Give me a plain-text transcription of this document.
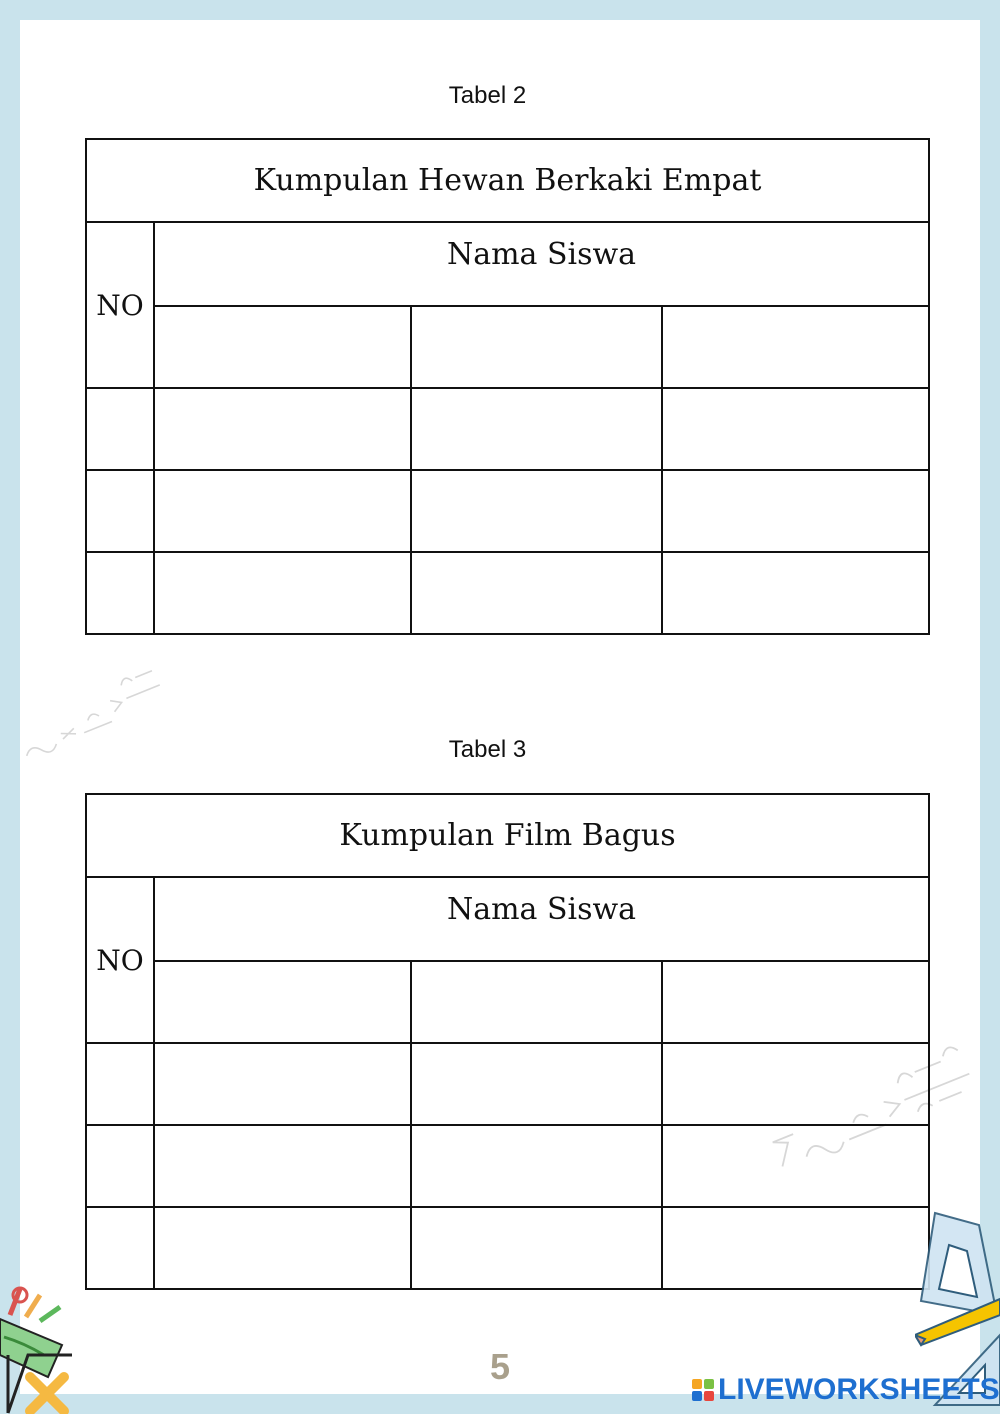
Tabel 2
Kumpulan Hewan Berkaki Empat			
NO	Nama Siswa		

Tabel 3
Kumpulan Film Bagus			
NO	Nama Siswa		

5
LIVEWORKSHEETS
